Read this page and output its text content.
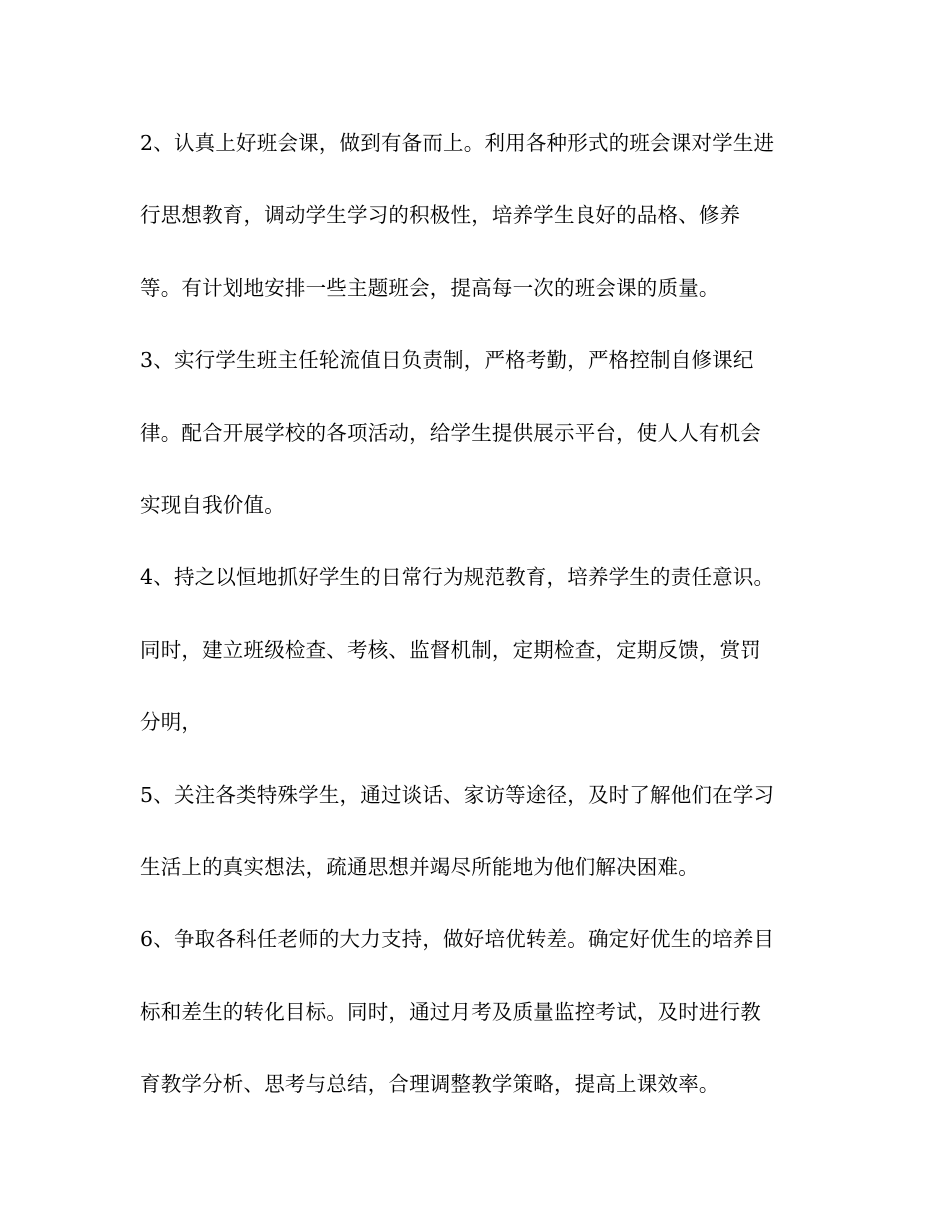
2、认真上好班会课，做到有备而上。利用各种形式的班会课对学生进
行思想教育，调动学生学习的积极性，培养学生良好的品格、修养
等。有计划地安排一些主题班会，提高每一次的班会课的质量。
3、实行学生班主任轮流值日负责制，严格考勤，严格控制自修课纪
律。配合开展学校的各项活动，给学生提供展示平台，使人人有机会
实现自我价值。
4、持之以恒地抓好学生的日常行为规范教育，培养学生的责任意识。
同时，建立班级检查、考核、监督机制，定期检查，定期反馈，赏罚
分明，
5、关注各类特殊学生，通过谈话、家访等途径，及时了解他们在学习
生活上的真实想法，疏通思想并竭尽所能地为他们解决困难。
6、争取各科任老师的大力支持，做好培优转差。确定好优生的培养目
标和差生的转化目标。同时，通过月考及质量监控考试，及时进行教
育教学分析、思考与总结，合理调整教学策略，提高上课效率。
